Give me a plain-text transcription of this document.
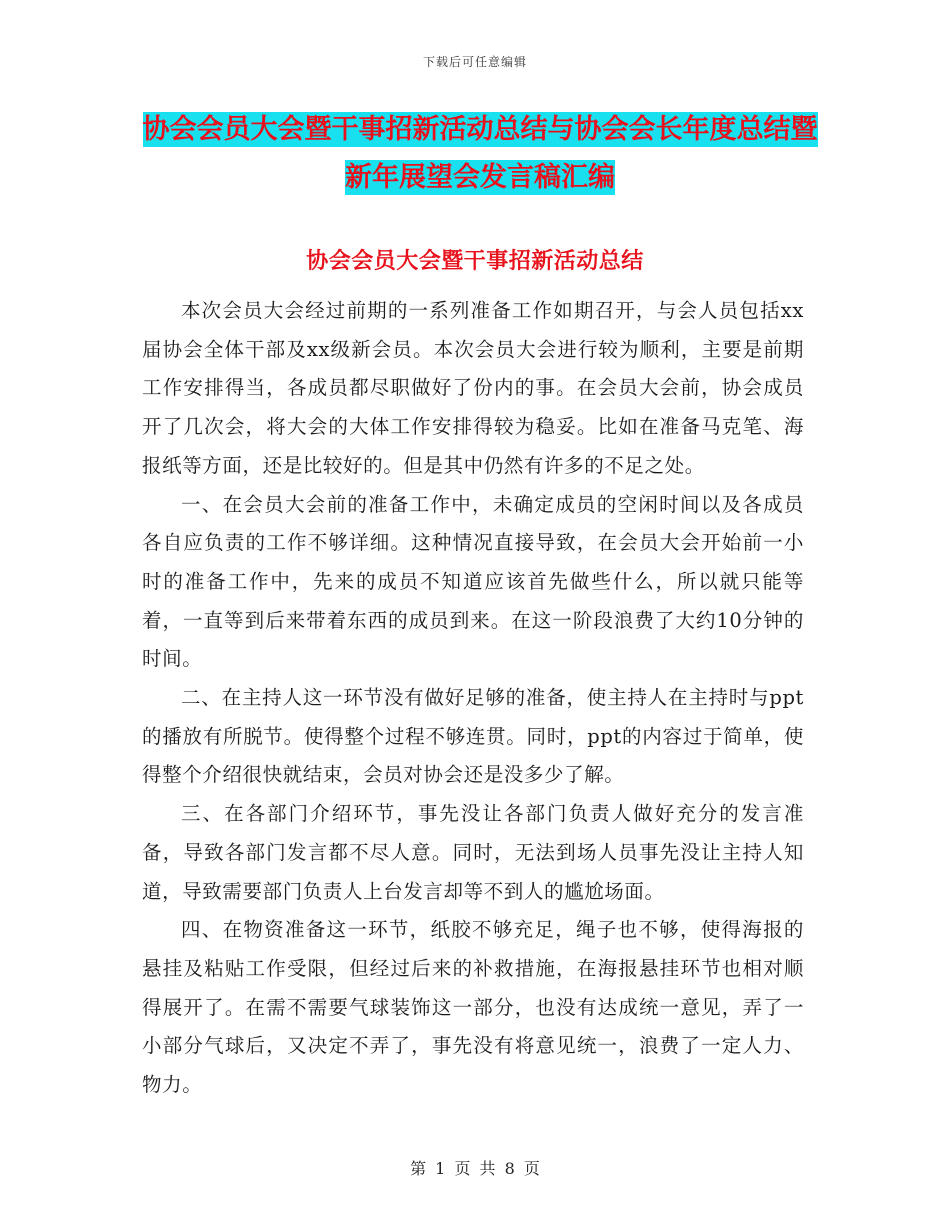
下载后可任意编辑
协会会员大会暨干事招新活动总结与协会会长年度总结暨新年展望会发言稿汇编
协会会员大会暨干事招新活动总结

本次会员大会经过前期的一系列准备工作如期召开，与会人员包括xx届协会全体干部及xx级新会员。本次会员大会进行较为顺利，主要是前期工作安排得当，各成员都尽职做好了份内的事。在会员大会前，协会成员开了几次会，将大会的大体工作安排得较为稳妥。比如在准备马克笔、海报纸等方面，还是比较好的。但是其中仍然有许多的不足之处。

一、在会员大会前的准备工作中，未确定成员的空闲时间以及各成员各自应负责的工作不够详细。这种情况直接导致，在会员大会开始前一小时的准备工作中，先来的成员不知道应该首先做些什么，所以就只能等着，一直等到后来带着东西的成员到来。在这一阶段浪费了大约10分钟的时间。

二、在主持人这一环节没有做好足够的准备，使主持人在主持时与ppt的播放有所脱节。使得整个过程不够连贯。同时，ppt的内容过于简单，使得整个介绍很快就结束，会员对协会还是没多少了解。

三、在各部门介绍环节，事先没让各部门负责人做好充分的发言准备，导致各部门发言都不尽人意。同时，无法到场人员事先没让主持人知道，导致需要部门负责人上台发言却等不到人的尴尬场面。

四、在物资准备这一环节，纸胶不够充足，绳子也不够，使得海报的悬挂及粘贴工作受限，但经过后来的补救措施，在海报悬挂环节也相对顺得展开了。在需不需要气球装饰这一部分，也没有达成统一意见，弄了一小部分气球后，又决定不弄了，事先没有将意见统一，浪费了一定人力、物力。

第 1 页 共 8 页
